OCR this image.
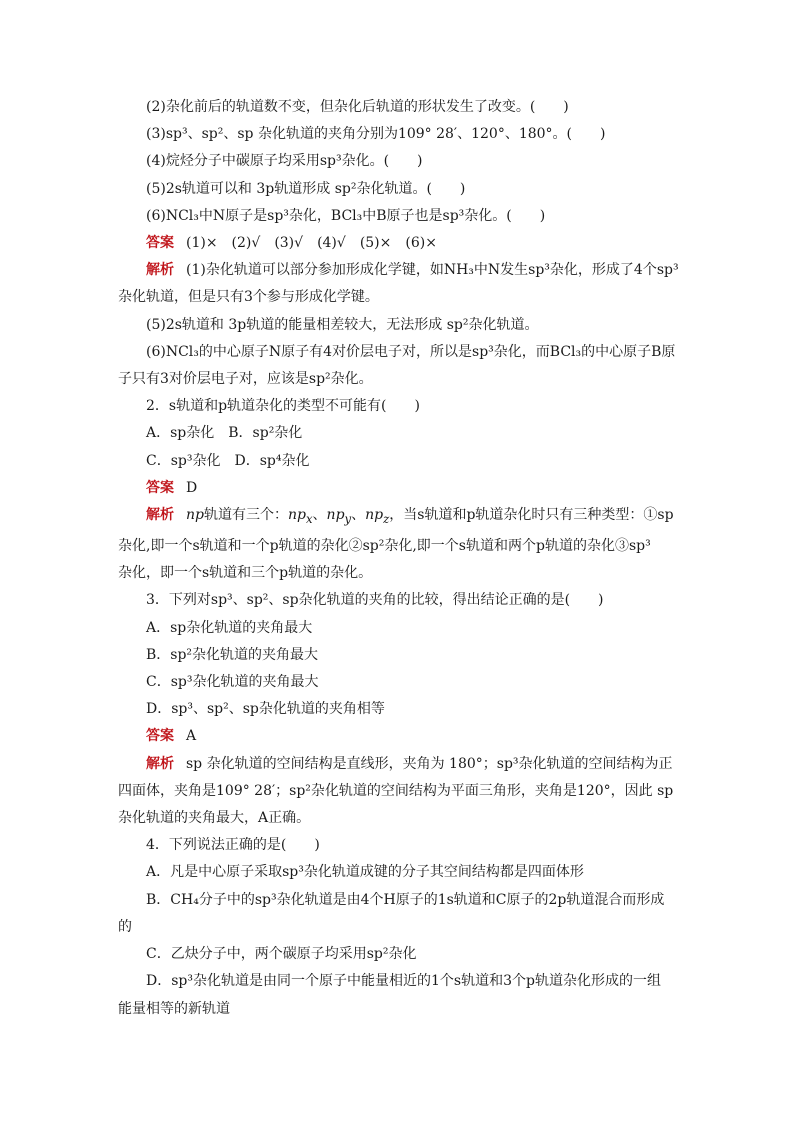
(2)杂化前后的轨道数不变，但杂化后轨道的形状发生了改变。(　　)
(3)sp³、sp²、sp 杂化轨道的夹角分别为109° 28′、120°、180°。(　　)
(4)烷烃分子中碳原子均采用sp³杂化。(　　)
(5)2s轨道可以和 3p轨道形成 sp²杂化轨道。(　　)
(6)NCl₃中N原子是sp³杂化，BCl₃中B原子也是sp³杂化。(　　)
答案 (1)×　(2)√　(3)√　(4)√　(5)×　(6)×
解析 (1)杂化轨道可以部分参加形成化学键，如NH₃中N发生sp³杂化，形成了4个sp³
杂化轨道，但是只有3个参与形成化学键。
(5)2s轨道和 3p轨道的能量相差较大，无法形成 sp²杂化轨道。
(6)NCl₃的中心原子N原子有4对价层电子对，所以是sp³杂化，而BCl₃的中心原子B原
子只有3对价层电子对，应该是sp²杂化。
2．s轨道和p轨道杂化的类型不可能有(　　)
A．sp杂化　B．sp²杂化
C．sp³杂化　D．sp⁴杂化
答案 D
解析 np轨道有三个：$np_x$、$np_y$、$np_z$，当s轨道和p轨道杂化时只有三种类型：①sp
杂化,即一个s轨道和一个p轨道的杂化②sp²杂化,即一个s轨道和两个p轨道的杂化③sp³
杂化，即一个s轨道和三个p轨道的杂化。
3．下列对sp³、sp²、sp杂化轨道的夹角的比较，得出结论正确的是(　　)
A．sp杂化轨道的夹角最大
B．sp²杂化轨道的夹角最大
C．sp³杂化轨道的夹角最大
D．sp³、sp²、sp杂化轨道的夹角相等
答案 A
解析 sp 杂化轨道的空间结构是直线形，夹角为 180°；sp³杂化轨道的空间结构为正
四面体，夹角是109° 28′；sp²杂化轨道的空间结构为平面三角形，夹角是120°，因此 sp
杂化轨道的夹角最大，A正确。
4．下列说法正确的是(　　)
A．凡是中心原子采取sp³杂化轨道成键的分子其空间结构都是四面体形
B．CH₄分子中的sp³杂化轨道是由4个H原子的1s轨道和C原子的2p轨道混合而形成
的
C．乙炔分子中，两个碳原子均采用sp²杂化
D．sp³杂化轨道是由同一个原子中能量相近的1个s轨道和3个p轨道杂化形成的一组
能量相等的新轨道
